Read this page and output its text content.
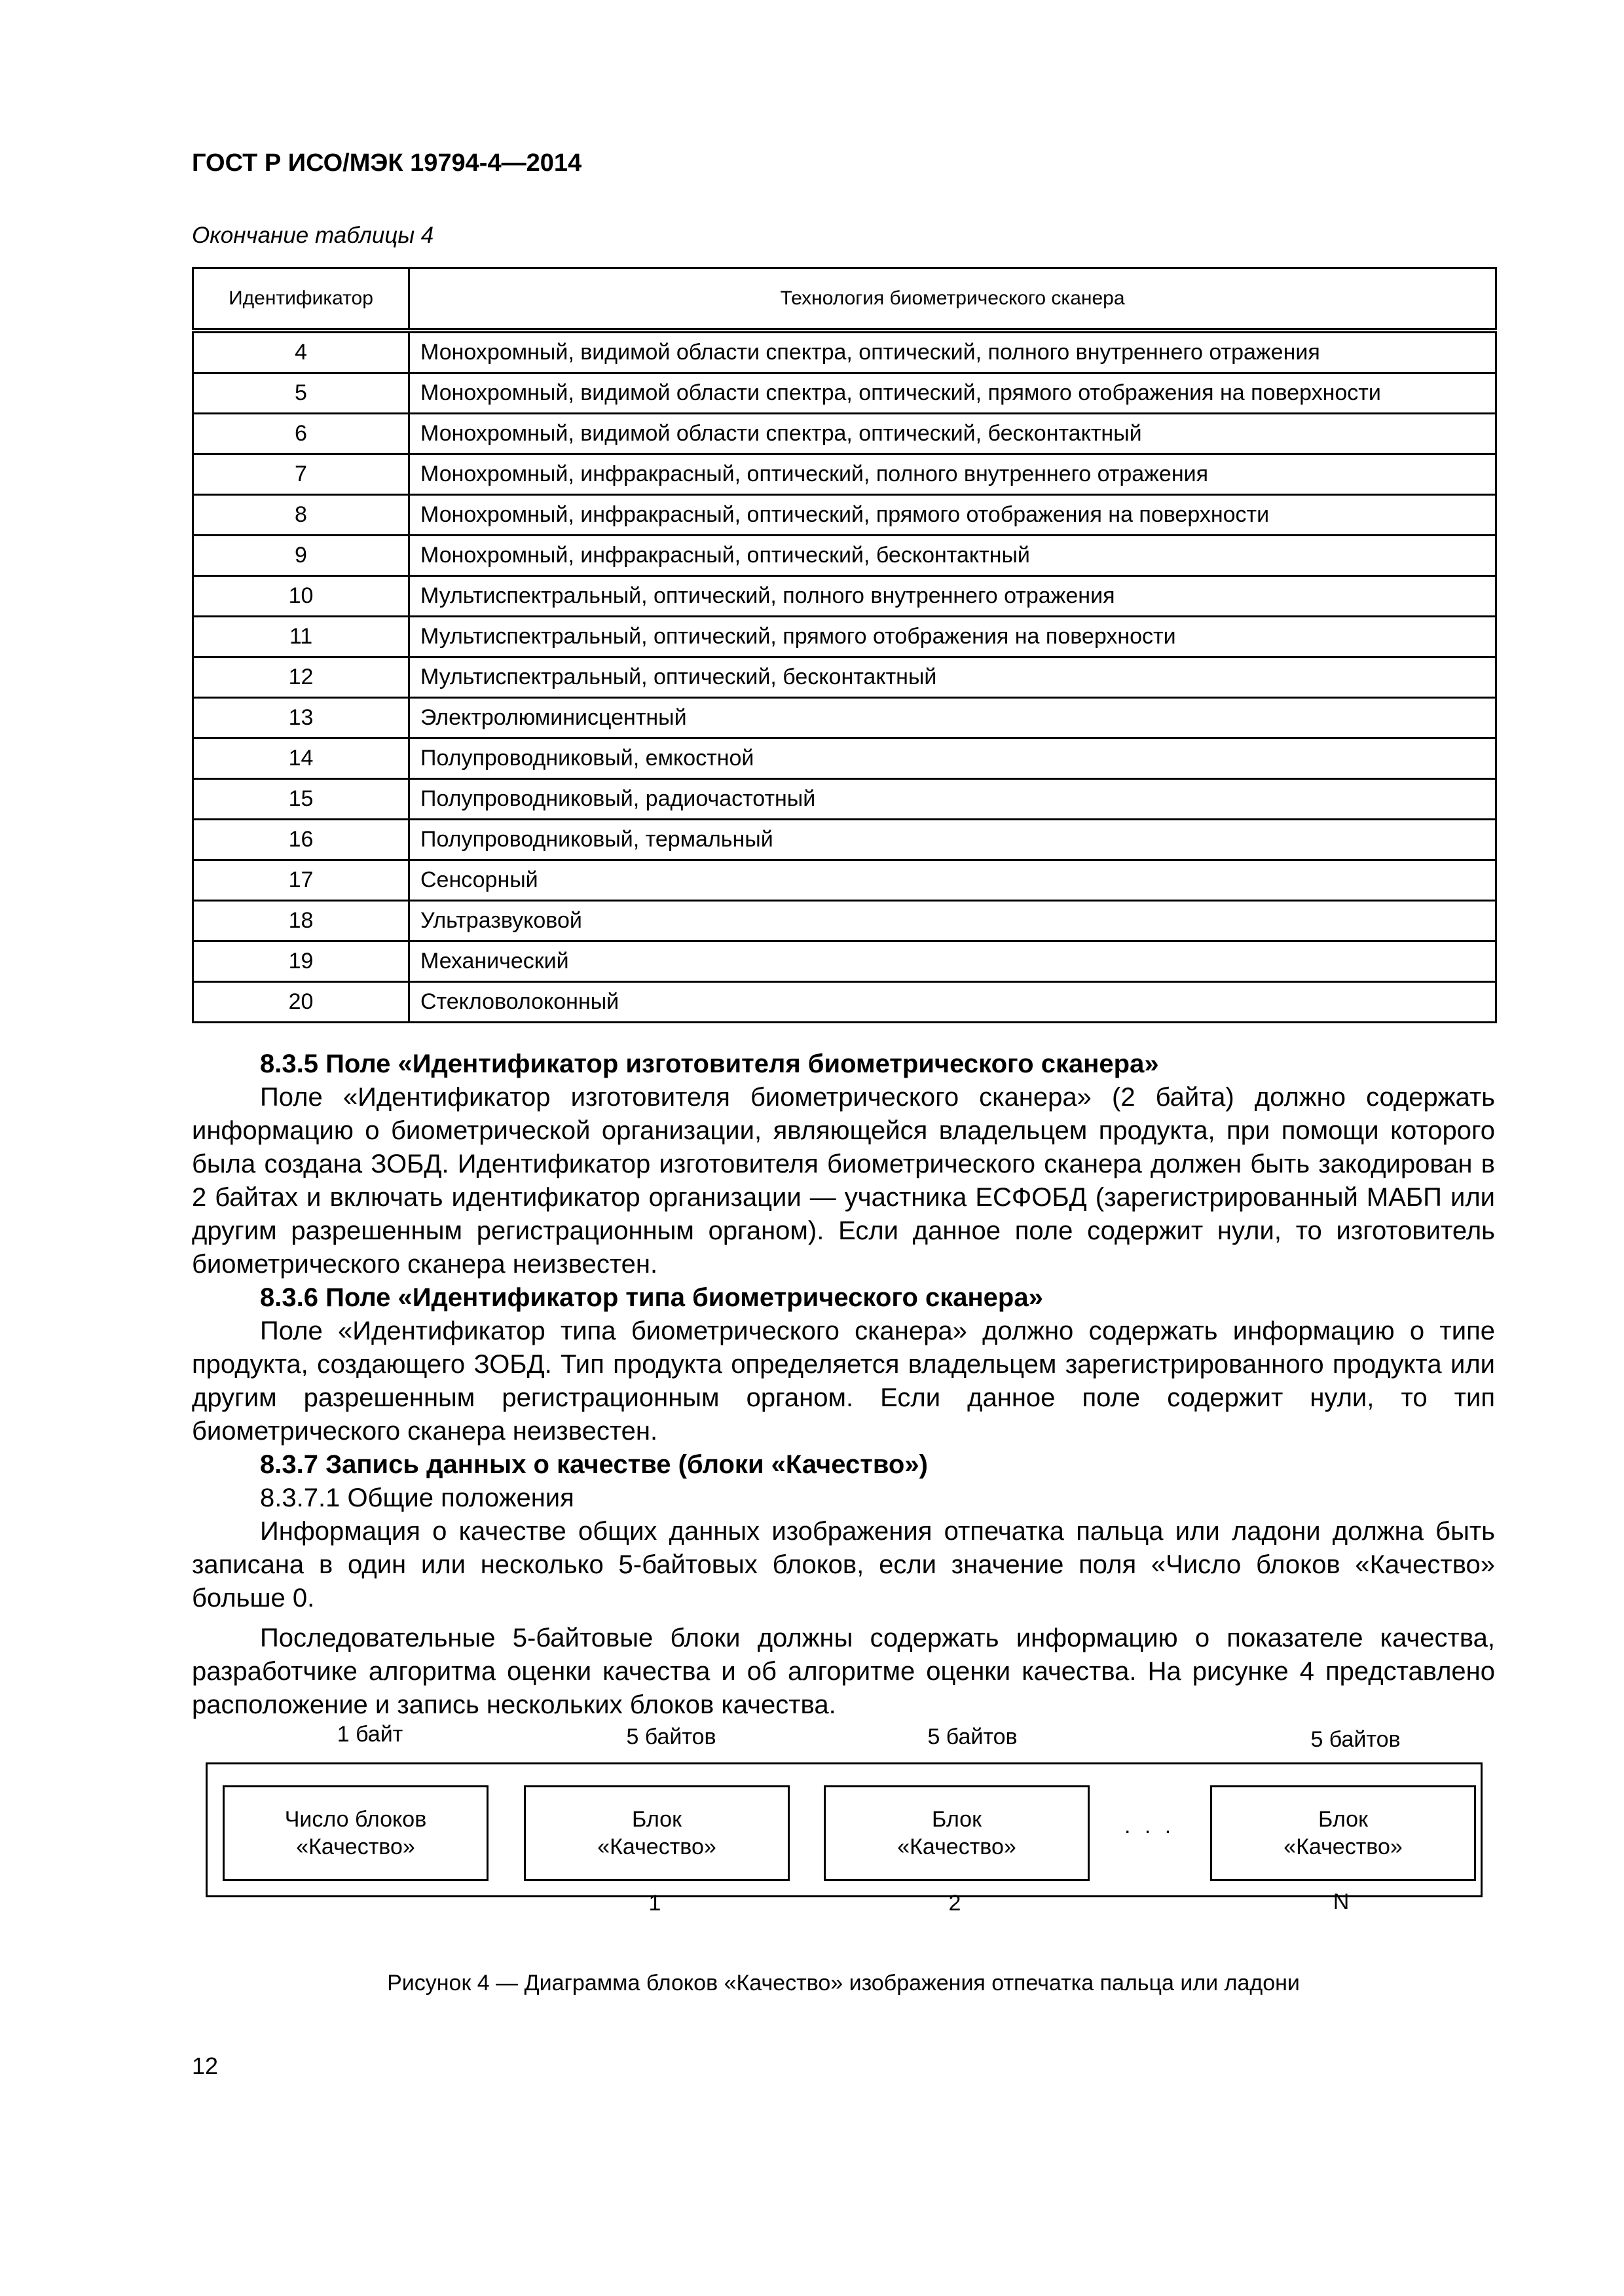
ГОСТ Р ИСО/МЭК 19794-4—2014
Окончание таблицы 4
Идентификатор	Технология биометрического сканера
4	Монохромный, видимой области спектра, оптический, полного внутреннего отражения
5	Монохромный, видимой области спектра, оптический, прямого отображения на поверхности
6	Монохромный, видимой области спектра, оптический, бесконтактный
7	Монохромный, инфракрасный, оптический, полного внутреннего отражения
8	Монохромный, инфракрасный, оптический, прямого отображения на поверхности
9	Монохромный, инфракрасный, оптический, бесконтактный
10	Мультиспектральный, оптический, полного внутреннего отражения
11	Мультиспектральный, оптический, прямого отображения на поверхности
12	Мультиспектральный, оптический, бесконтактный
13	Электролюминисцентный
14	Полупроводниковый, емкостной
15	Полупроводниковый, радиочастотный
16	Полупроводниковый, термальный
17	Сенсорный
18	Ультразвуковой
19	Механический
20	Стекловолоконный

8.3.5 Поле «Идентификатор изготовителя биометрического сканера»

Поле «Идентификатор изготовителя биометрического сканера» (2 байта) должно содержать информацию о биометрической организации, являющейся владельцем продукта, при помощи которого была создана ЗОБД. Идентификатор изготовителя биометрического сканера должен быть закодирован в 2 байтах и включать идентификатор организации — участника ЕСФОБД (зарегистрированный МАБП или другим разрешенным регистрационным органом). Если данное поле содержит нули, то изготовитель биометрического сканера неизвестен.

8.3.6 Поле «Идентификатор типа биометрического сканера»

Поле «Идентификатор типа биометрического сканера» должно содержать информацию о типе продукта, создающего ЗОБД. Тип продукта определяется владельцем зарегистрированного продукта или другим разрешенным регистрационным органом. Если данное поле содержит нули, то тип биометрического сканера неизвестен.

8.3.7 Запись данных о качестве (блоки «Качество»)

8.3.7.1 Общие положения

Информация о качестве общих данных изображения отпечатка пальца или ладони должна быть записана в один или несколько 5-байтовых блоков, если значение поля «Число блоков «Качество» больше 0.

Последовательные 5-байтовые блоки должны содержать информацию о показателе качества, разработчике алгоритма оценки качества и об алгоритме оценки качества. На рисунке 4 представлено расположение и запись нескольких блоков качества.

1 байт	5 байтов	5 байтов	5 байтов
Число блоков
«Качество»
Блок
«Качество»
Блок
«Качество»
. . .	Блок
«Качество»
1	2	N
Рисунок 4 — Диаграмма блоков «Качество» изображения отпечатка пальца или ладони
12
